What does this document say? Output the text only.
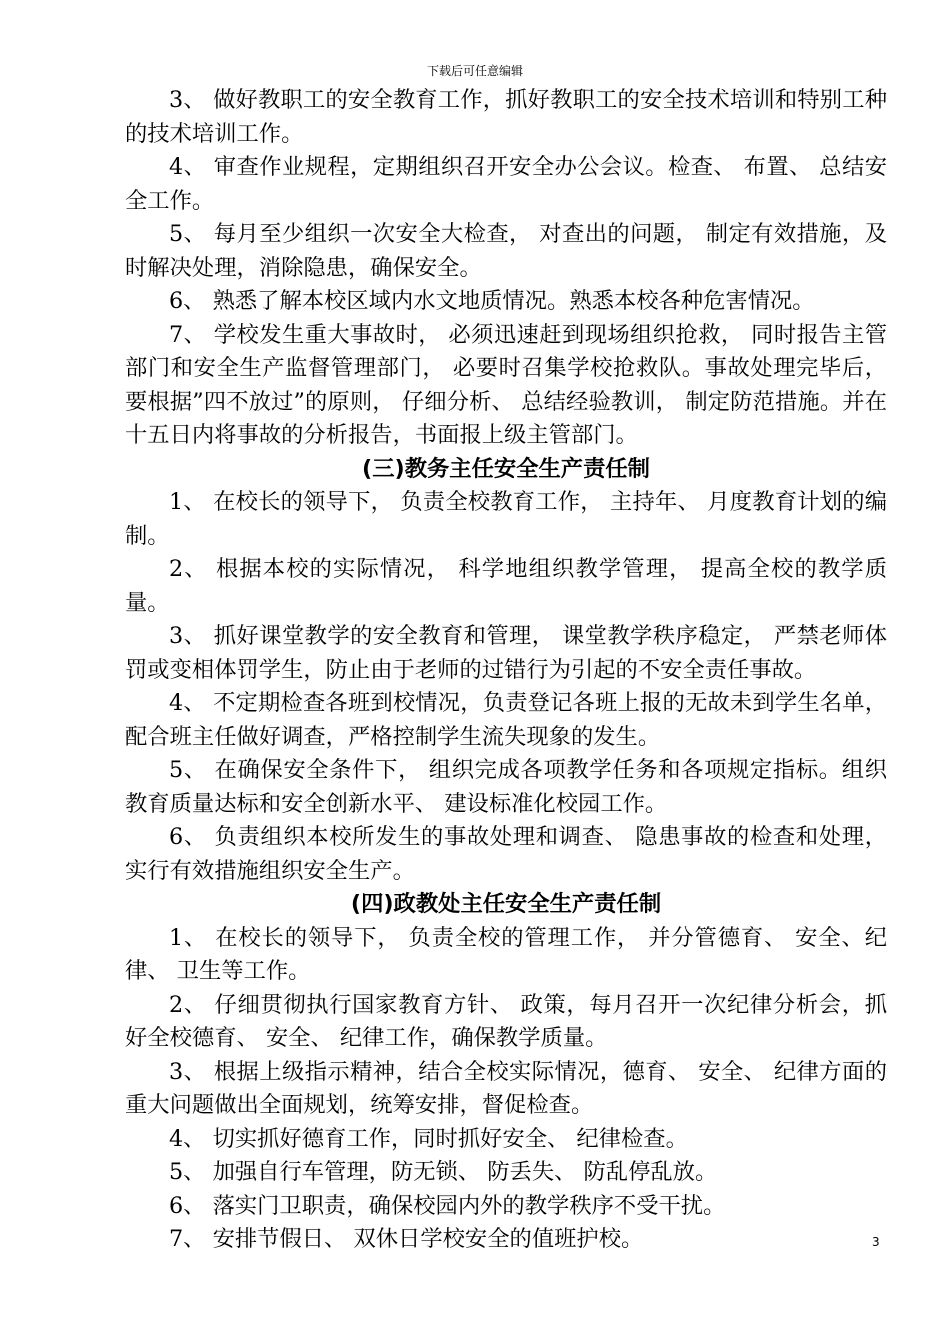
下载后可任意编辑

3、 做好教职工的安全教育工作，抓好教职工的安全技术培训和特别工种的技术培训工作。

4、 审查作业规程，定期组织召开安全办公会议。检查、 布置、 总结安全工作。

5、 每月至少组织一次安全大检查， 对查出的问题， 制定有效措施，及时解决处理，消除隐患，确保安全。

6、 熟悉了解本校区域内水文地质情况。熟悉本校各种危害情况。

7、 学校发生重大事故时， 必须迅速赶到现场组织抢救， 同时报告主管部门和安全生产监督管理部门， 必要时召集学校抢救队。事故处理完毕后， 要根据”四不放过”的原则， 仔细分析、 总结经验教训， 制定防范措施。并在十五日内将事故的分析报告，书面报上级主管部门。

(三)教务主任安全生产责任制

1、 在校长的领导下， 负责全校教育工作， 主持年、 月度教育计划的编制。

2、 根据本校的实际情况， 科学地组织教学管理， 提高全校的教学质量。

3、 抓好课堂教学的安全教育和管理， 课堂教学秩序稳定， 严禁老师体罚或变相体罚学生，防止由于老师的过错行为引起的不安全责任事故。

4、 不定期检查各班到校情况，负责登记各班上报的无故未到学生名单，配合班主任做好调查，严格控制学生流失现象的发生。

5、 在确保安全条件下， 组织完成各项教学任务和各项规定指标。组织教育质量达标和安全创新水平、 建设标准化校园工作。

6、 负责组织本校所发生的事故处理和调查、 隐患事故的检查和处理，实行有效措施组织安全生产。

(四)政教处主任安全生产责任制

1、 在校长的领导下， 负责全校的管理工作， 并分管德育、 安全、纪律、 卫生等工作。

2、 仔细贯彻执行国家教育方针、 政策，每月召开一次纪律分析会，抓好全校德育、 安全、 纪律工作，确保教学质量。

3、 根据上级指示精神，结合全校实际情况，德育、 安全、 纪律方面的重大问题做出全面规划，统筹安排，督促检查。

4、 切实抓好德育工作，同时抓好安全、 纪律检查。

5、 加强自行车管理，防无锁、 防丢失、 防乱停乱放。

6、 落实门卫职责，确保校园内外的教学秩序不受干扰。

7、 安排节假日、 双休日学校安全的值班护校。	3
